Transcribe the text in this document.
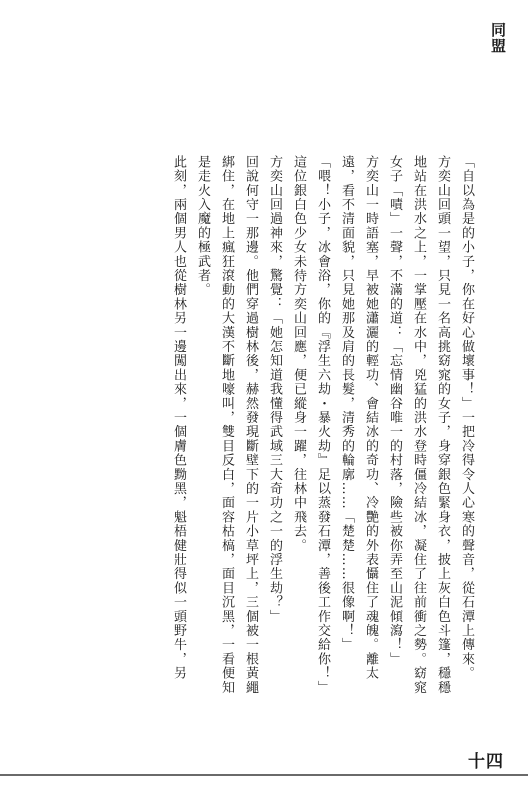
同盟

「自以為是的小子，你在好心做壞事！」一把冷得令人心寒的聲音，從石潭上傳來。

方奕山回頭一望，只見一名高挑窈窕的女子，身穿銀色緊身衣，披上灰白色斗篷，穩穩地站在洪水之上，一掌壓在水中，兇猛的洪水登時僵冷結冰，凝住了往前衝之勢。窈窕女子「嘖」一聲，不滿的道：「忘情幽谷唯一的村落，險些被你弄至山泥傾瀉！」

方奕山一時語塞，早被她瀟灑的輕功、會結冰的奇功、冷艷的外表懾住了魂魄。離太遠，看不清面貌，只見她那及肩的長髮，清秀的輪廓……「楚楚……很像啊！」

「喂！小子，冰會浴，你的『浮生六劫・暴火劫』足以蒸發石潭，善後工作交給你！」這位銀白色少女未待方奕山回應，便已縱身一躍，往林中飛去。

方奕山回過神來，驚覺：「她怎知道我懂得武域三大奇功之一的浮生劫？」

回說何守一那邊。他們穿過樹林後，赫然發現斷壁下的一片小草坪上，三個被一根黃繩綁住，在地上瘋狂滾動的大漢不斷地嚎叫，雙目反白，面容枯槁，面目沉黑，一看便知是走火入魔的極武者。

此刻，兩個男人也從樹林另一邊闖出來，一個膚色黝黑，魁梧健壯得似一頭野牛，另

十四
